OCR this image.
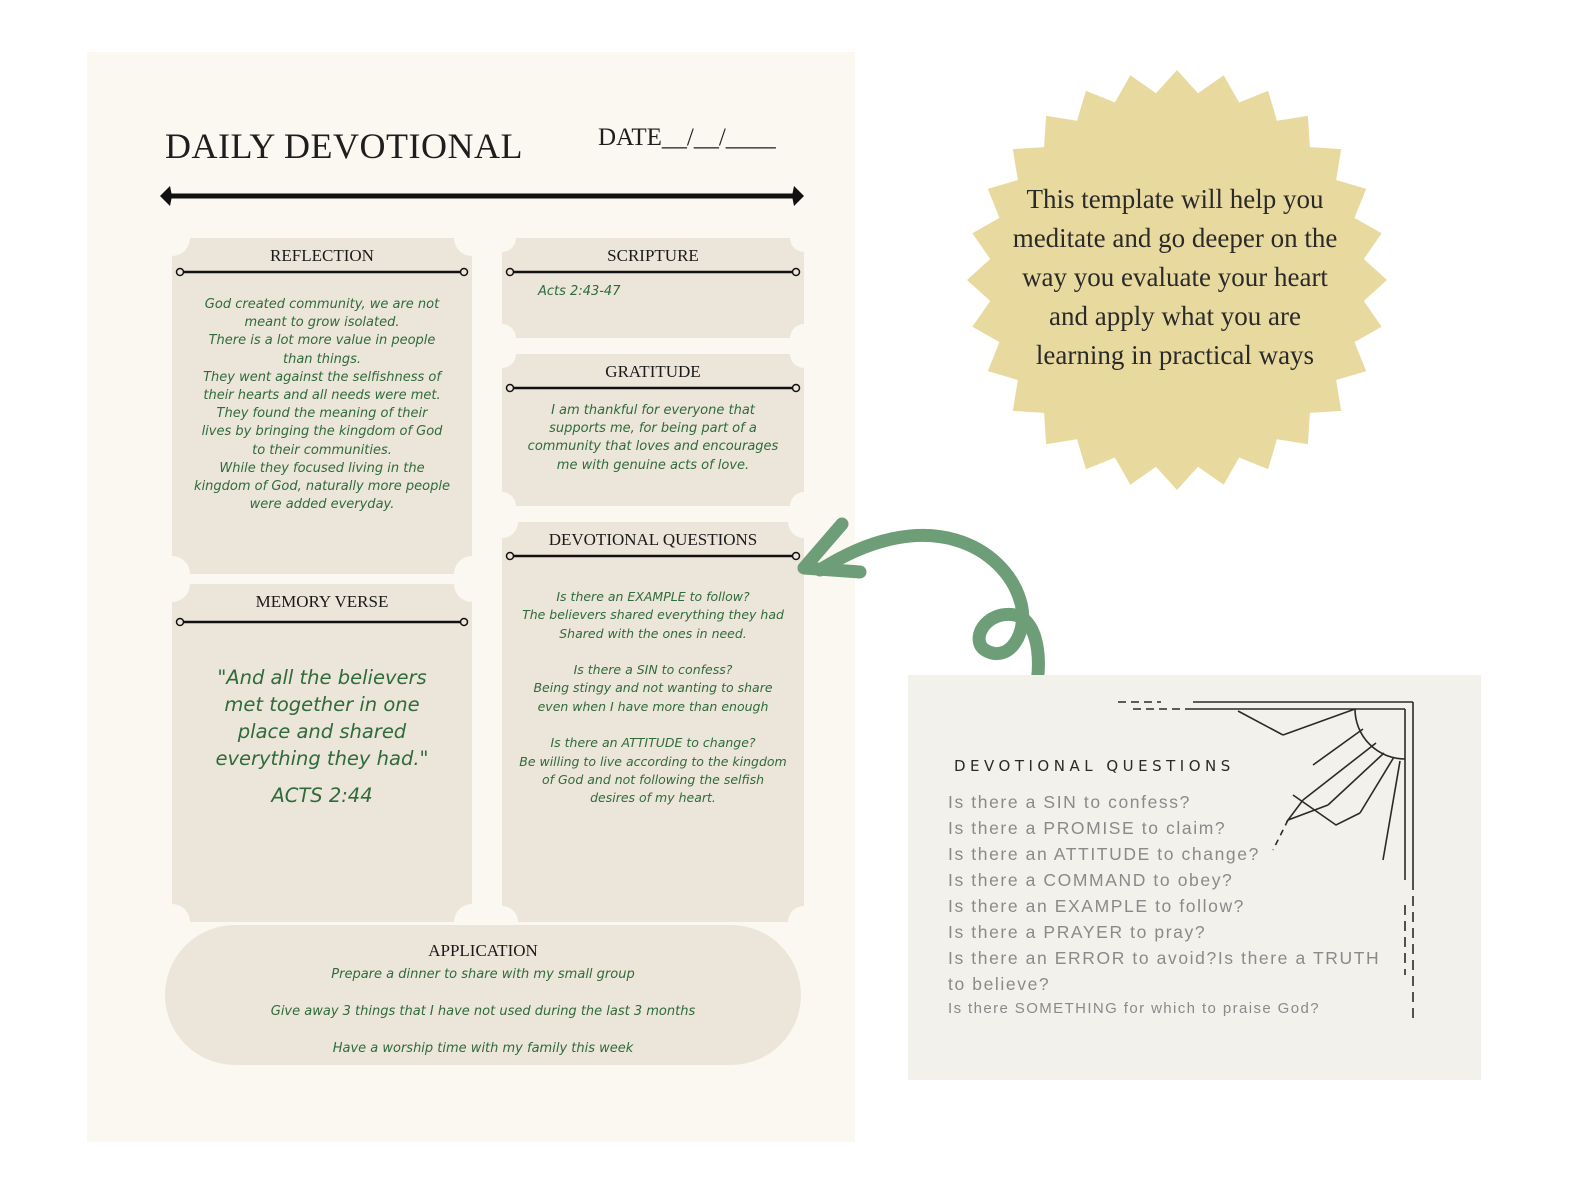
DAILY DEVOTIONAL	DATE__/__/____
REFLECTION
God created community, we are not
meant to grow isolated.
There is a lot more value in people
than things.
They went against the selfishness of
their hearts and all needs were met.
They found the meaning of their
lives by bringing the kingdom of God
to their communities.
While they focused living in the
kingdom of God, naturally more people
were added everyday.
SCRIPTURE
Acts 2:43-47
GRATITUDE
I am thankful for everyone that
supports me, for being part of a
community that loves and encourages
me with genuine acts of love.
DEVOTIONAL QUESTIONS
Is there an EXAMPLE to follow?
The believers shared everything they had
Shared with the ones in need.

Is there a SIN to confess?
Being stingy and not wanting to share
even when I have more than enough

Is there an ATTITUDE to change?
Be willing to live according to the kingdom
of God and not following the selfish
desires of my heart.
MEMORY VERSE
"And all the believers
met together in one
place and shared
everything they had."
ACTS 2:44
APPLICATION
Prepare a dinner to share with my small group
Give away 3 things that I have not used during the last 3 months
Have a worship time with my family this week
This template will help you
meditate and go deeper on the
way you evaluate your heart
and apply what you are
learning in practical ways
DEVOTIONAL QUESTIONS
Is there a SIN to confess?
Is there a PROMISE to claim?
Is there an ATTITUDE to change?
Is there a COMMAND to obey?
Is there an EXAMPLE to follow?
Is there a PRAYER to pray?
Is there an ERROR to avoid?Is there a TRUTH to believe?
Is there SOMETHING for which to praise God?
